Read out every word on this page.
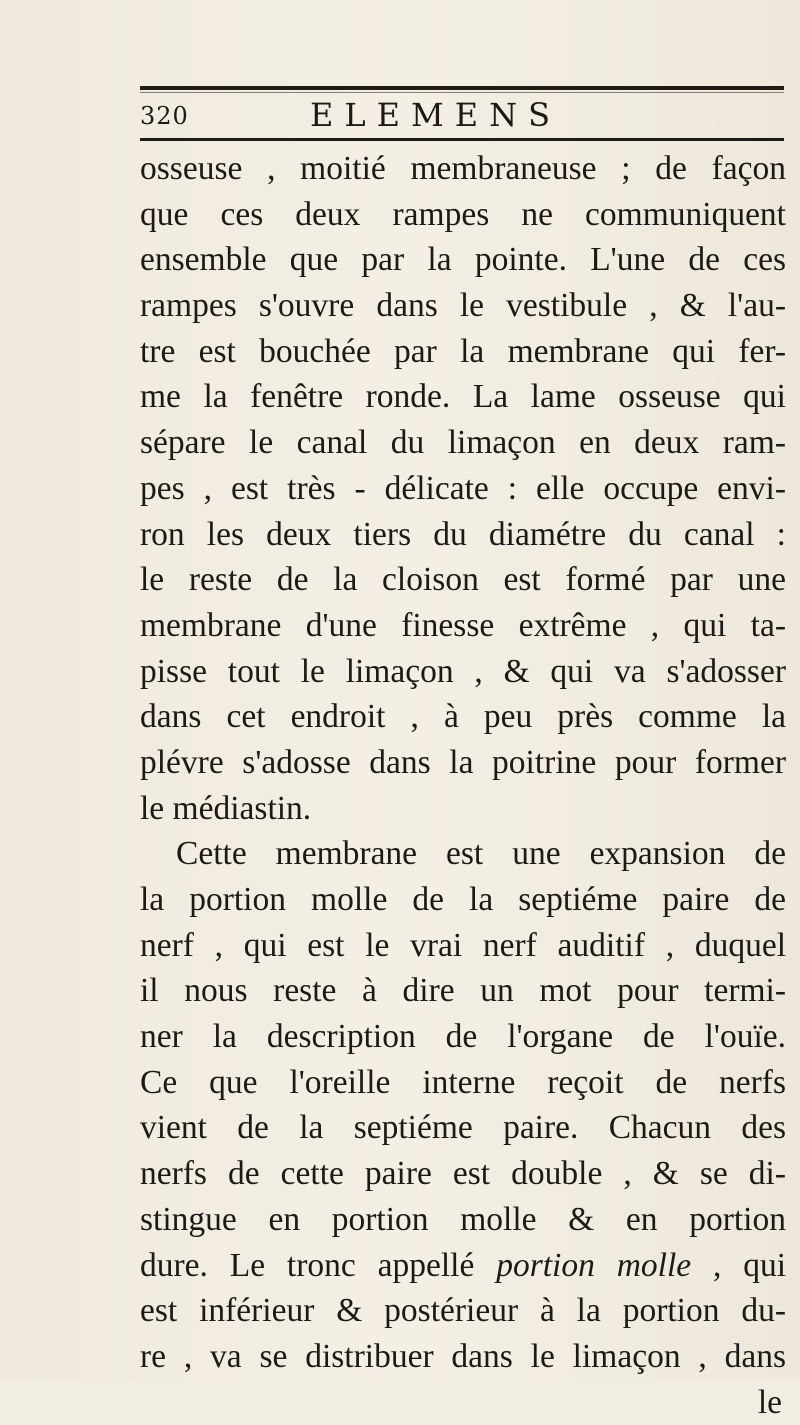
320	ELEMENS
osseuse , moitié membraneuse ; de façon
que ces deux rampes ne communiquent
ensemble que par la pointe. L'une de ces
rampes s'ouvre dans le vestibule , & l'au-
tre est bouchée par la membrane qui fer-
me la fenêtre ronde. La lame osseuse qui
sépare le canal du limaçon en deux ram-
pes , est très - délicate : elle occupe envi-
ron les deux tiers du diamétre du canal :
le reste de la cloison est formé par une
membrane d'une finesse extrême , qui ta-
pisse tout le limaçon , & qui va s'adosser
dans cet endroit , à peu près comme la
plévre s'adosse dans la poitrine pour former
le médiastin.
Cette membrane est une expansion de
la portion molle de la septiéme paire de
nerf , qui est le vrai nerf auditif , duquel
il nous reste à dire un mot pour termi-
ner la description de l'organe de l'ouïe.
Ce que l'oreille interne reçoit de nerfs
vient de la septiéme paire. Chacun des
nerfs de cette paire est double , & se di-
stingue en portion molle & en portion
dure. Le tronc appellé portion molle , qui
est inférieur & postérieur à la portion du-
re , va se distribuer dans le limaçon , dans
le
